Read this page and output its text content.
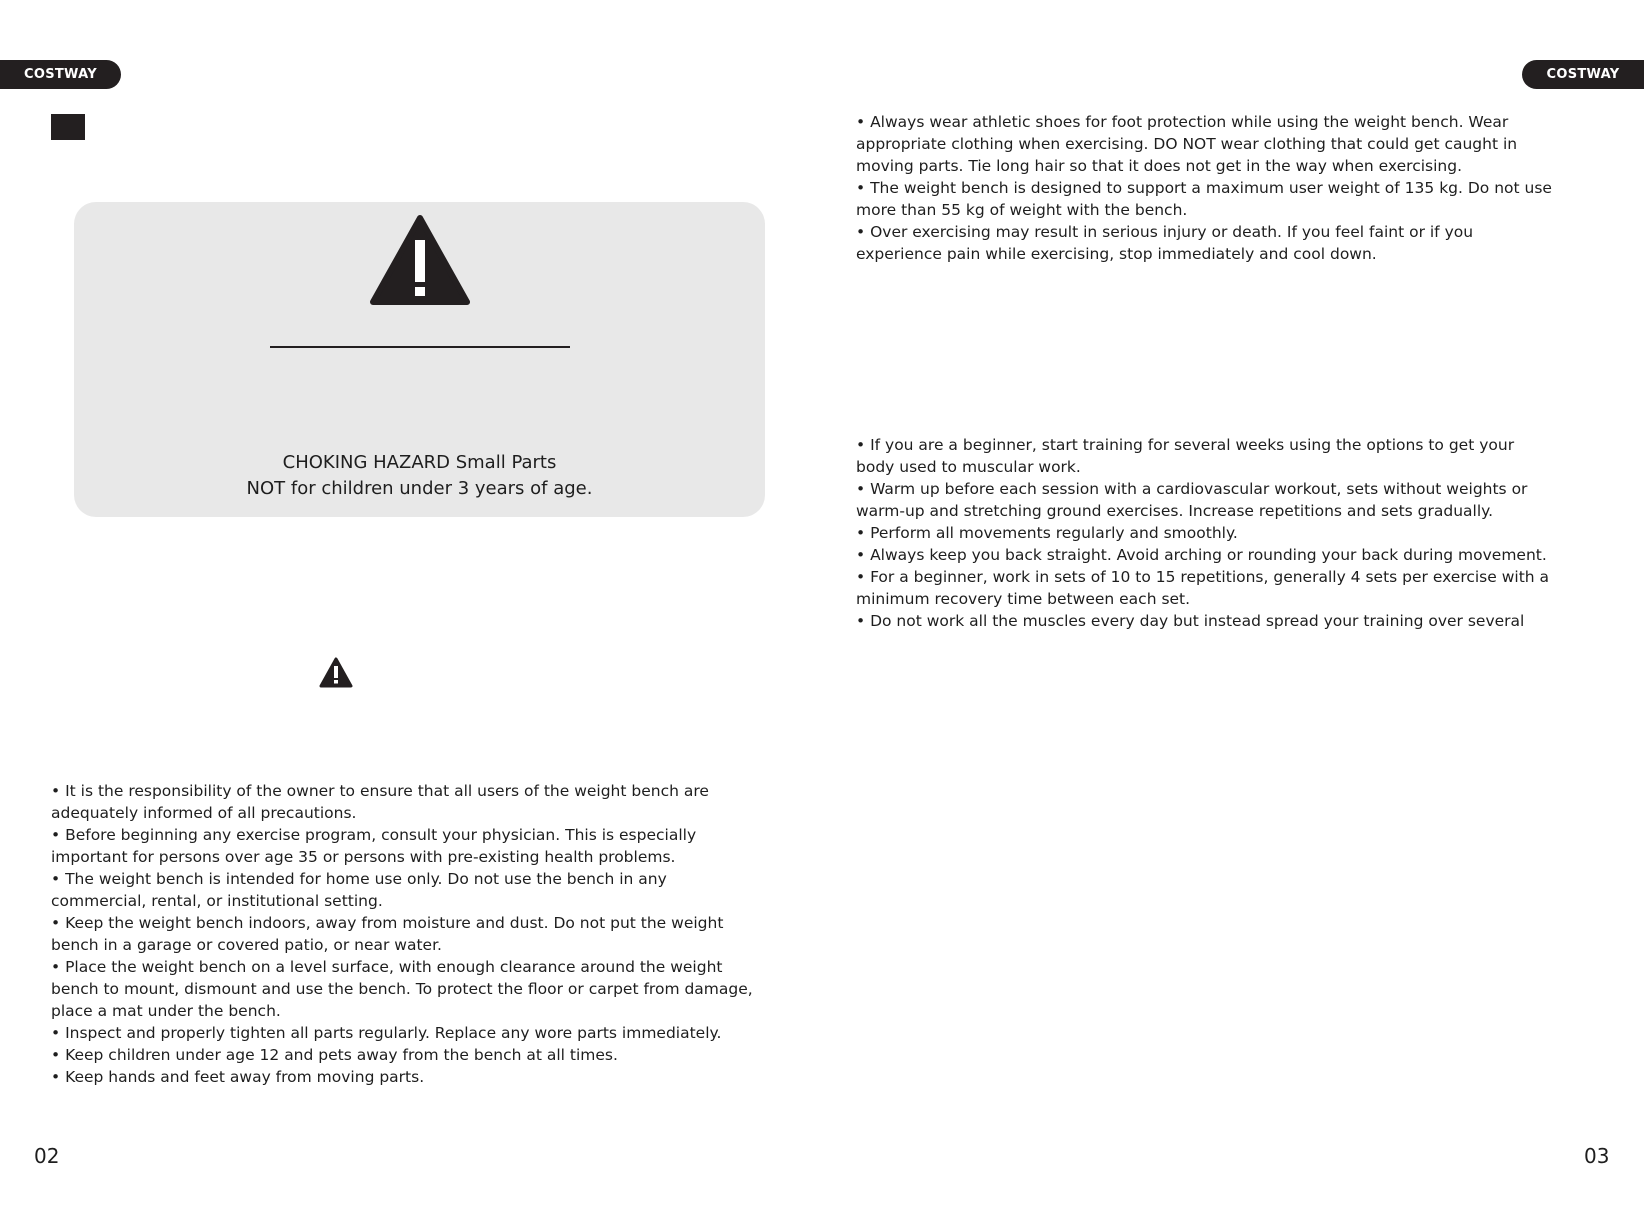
COSTWAY	COSTWAY
CHOKING HAZARD Small Parts
NOT for children under 3 years of age.

• It is the responsibility of the owner to ensure that all users of the weight bench are

adequately informed of all precautions.

• Before beginning any exercise program, consult your physician. This is especially

important for persons over age 35 or persons with pre-existing health problems.

• The weight bench is intended for home use only. Do not use the bench in any

commercial, rental, or institutional setting.

• Keep the weight bench indoors, away from moisture and dust. Do not put the weight

bench in a garage or covered patio, or near water.

• Place the weight bench on a level surface, with enough clearance around the weight

bench to mount, dismount and use the bench. To protect the floor or carpet from damage,

place a mat under the bench.

• Inspect and properly tighten all parts regularly. Replace any wore parts immediately.

• Keep children under age 12 and pets away from the bench at all times.

• Keep hands and feet away from moving parts.

• Always wear athletic shoes for foot protection while using the weight bench. Wear

appropriate clothing when exercising. DO NOT wear clothing that could get caught in

moving parts. Tie long hair so that it does not get in the way when exercising.

• The weight bench is designed to support a maximum user weight of 135 kg. Do not use

more than 55 kg of weight with the bench.

• Over exercising may result in serious injury or death. If you feel faint or if you

experience pain while exercising, stop immediately and cool down.

• If you are a beginner, start training for several weeks using the options to get your

body used to muscular work.

• Warm up before each session with a cardiovascular workout, sets without weights or

warm-up and stretching ground exercises. Increase repetitions and sets gradually.

• Perform all movements regularly and smoothly.

• Always keep you back straight. Avoid arching or rounding your back during movement.

• For a beginner, work in sets of 10 to 15 repetitions, generally 4 sets per exercise with a

minimum recovery time between each set.

• Do not work all the muscles every day but instead spread your training over several

02	03
